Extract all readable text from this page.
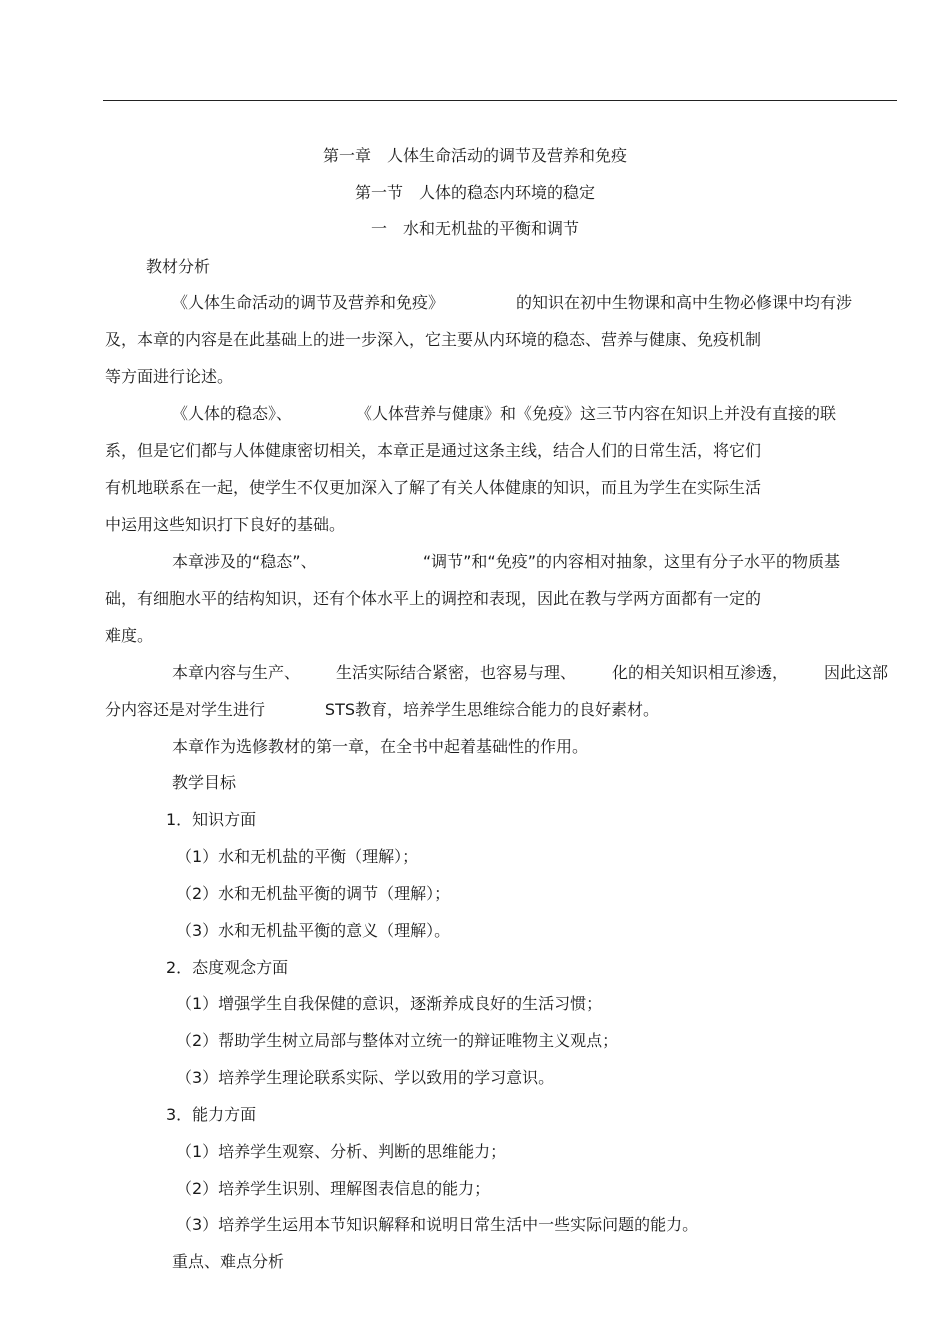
第一章　人体生命活动的调节及营养和免疫
第一节　人体的稳态内环境的稳定
一　水和无机盐的平衡和调节
教材分析
《人体生命活动的调节及营养和免疫》	的知识在初中生物课和高中生物必修课中均有涉
及，本章的内容是在此基础上的进一步深入，它主要从内环境的稳态、营养与健康、免疫机制
等方面进行论述。
《人体的稳态》、	《人体营养与健康》和《免疫》这三节内容在知识上并没有直接的联
系，但是它们都与人体健康密切相关，本章正是通过这条主线，结合人们的日常生活，将它们
有机地联系在一起，使学生不仅更加深入了解了有关人体健康的知识，而且为学生在实际生活
中运用这些知识打下良好的基础。
本章涉及的“稳态”、	“调节”和“免疫”的内容相对抽象，这里有分子水平的物质基
础，有细胞水平的结构知识，还有个体水平上的调控和表现，因此在教与学两方面都有一定的
难度。
本章内容与生产、 生活实际结合紧密，也容易与理、 化的相关知识相互渗透， 因此这部
分内容还是对学生进行	STS教育，培养学生思维综合能力的良好素材。
本章作为选修教材的第一章，在全书中起着基础性的作用。
教学目标
1．知识方面
（1）水和无机盐的平衡（理解）；
（2）水和无机盐平衡的调节（理解）；
（3）水和无机盐平衡的意义（理解）。
2．态度观念方面
（1）增强学生自我保健的意识，逐渐养成良好的生活习惯；
（2）帮助学生树立局部与整体对立统一的辩证唯物主义观点；
（3）培养学生理论联系实际、学以致用的学习意识。
3．能力方面
（1）培养学生观察、分析、判断的思维能力；
（2）培养学生识别、理解图表信息的能力；
（3）培养学生运用本节知识解释和说明日常生活中一些实际问题的能力。
重点、难点分析
